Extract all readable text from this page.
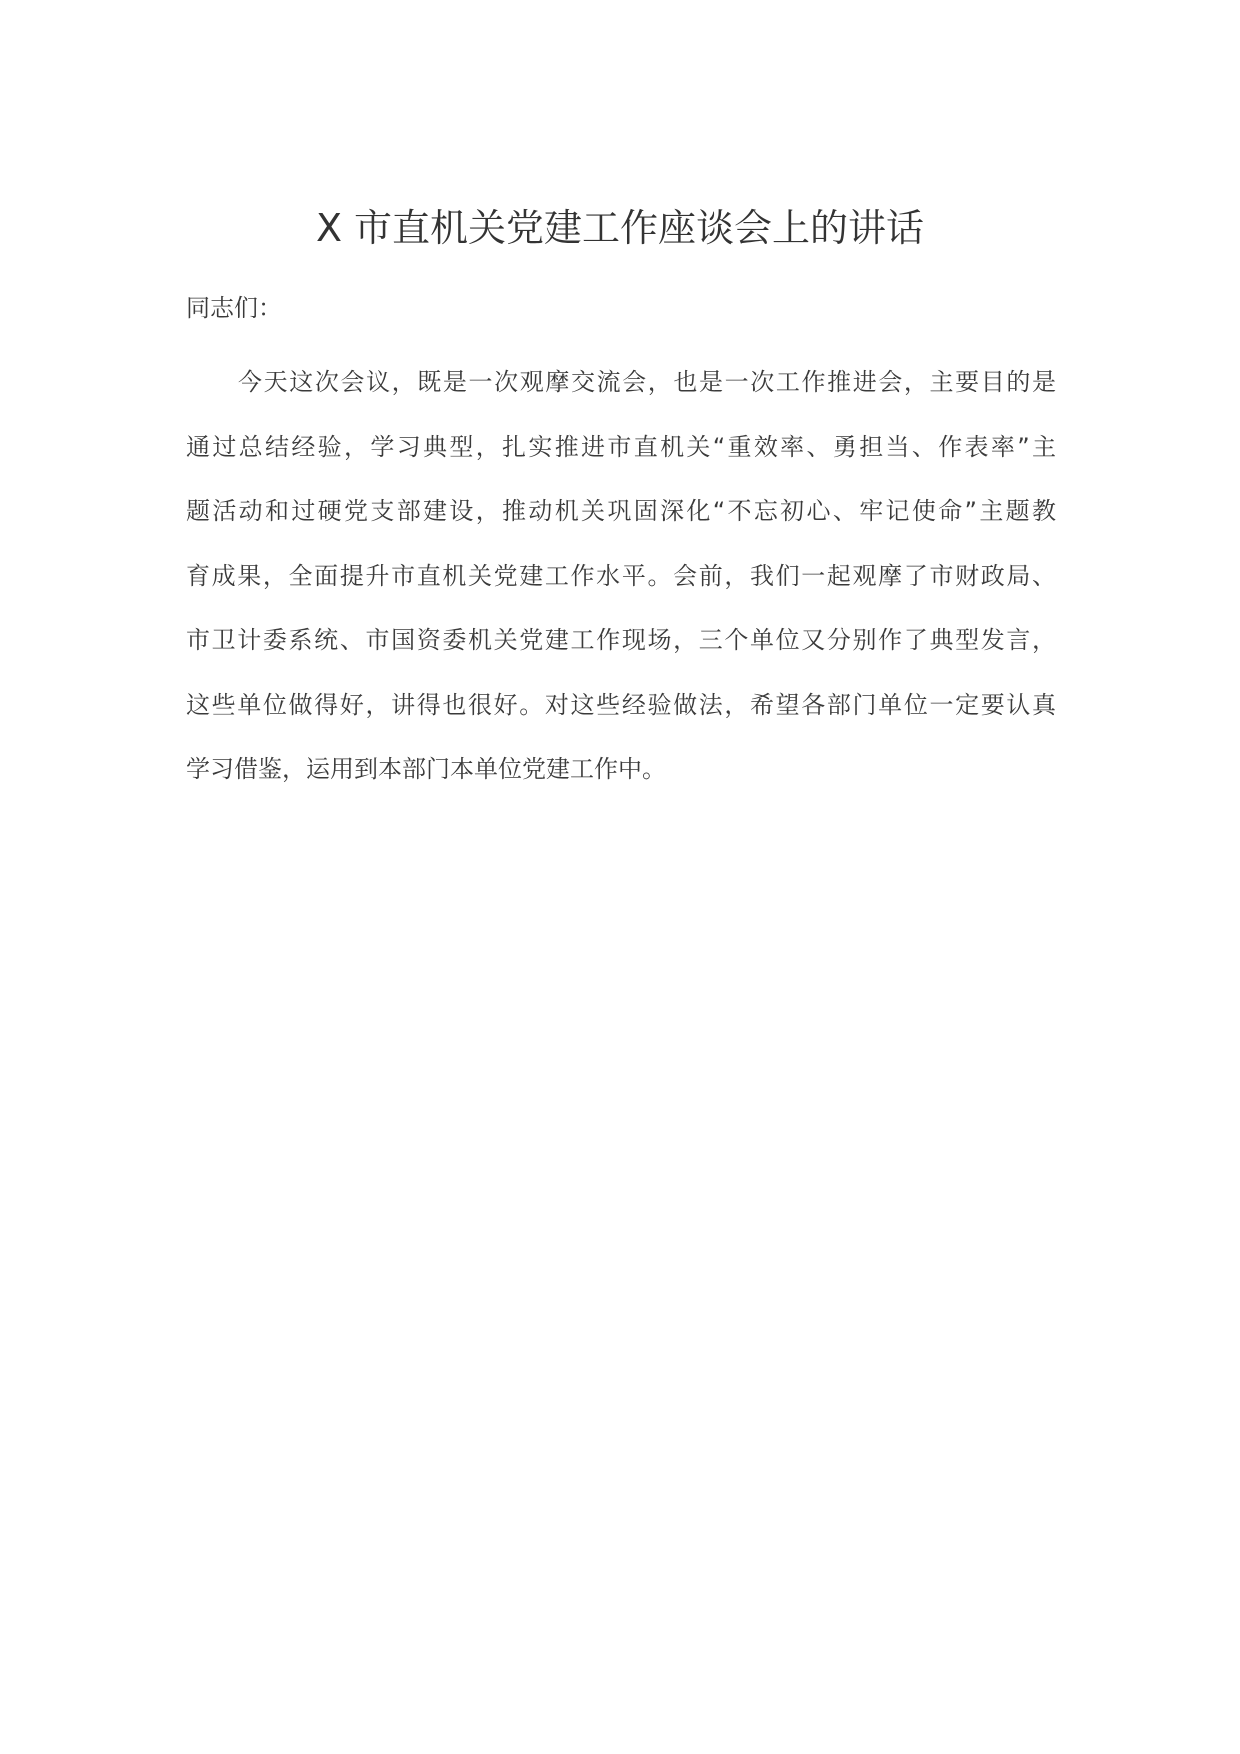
X 市直机关党建工作座谈会上的讲话

同志们：

今天这次会议，既是一次观摩交流会，也是一次工作推进会，主要目的是
通过总结经验，学习典型，扎实推进市直机关“重效率、勇担当、作表率”主
题活动和过硬党支部建设，推动机关巩固深化“不忘初心、牢记使命”主题教
育成果，全面提升市直机关党建工作水平。会前，我们一起观摩了市财政局、
市卫计委系统、市国资委机关党建工作现场，三个单位又分别作了典型发言，
这些单位做得好，讲得也很好。对这些经验做法，希望各部门单位一定要认真
学习借鉴，运用到本部门本单位党建工作中。
